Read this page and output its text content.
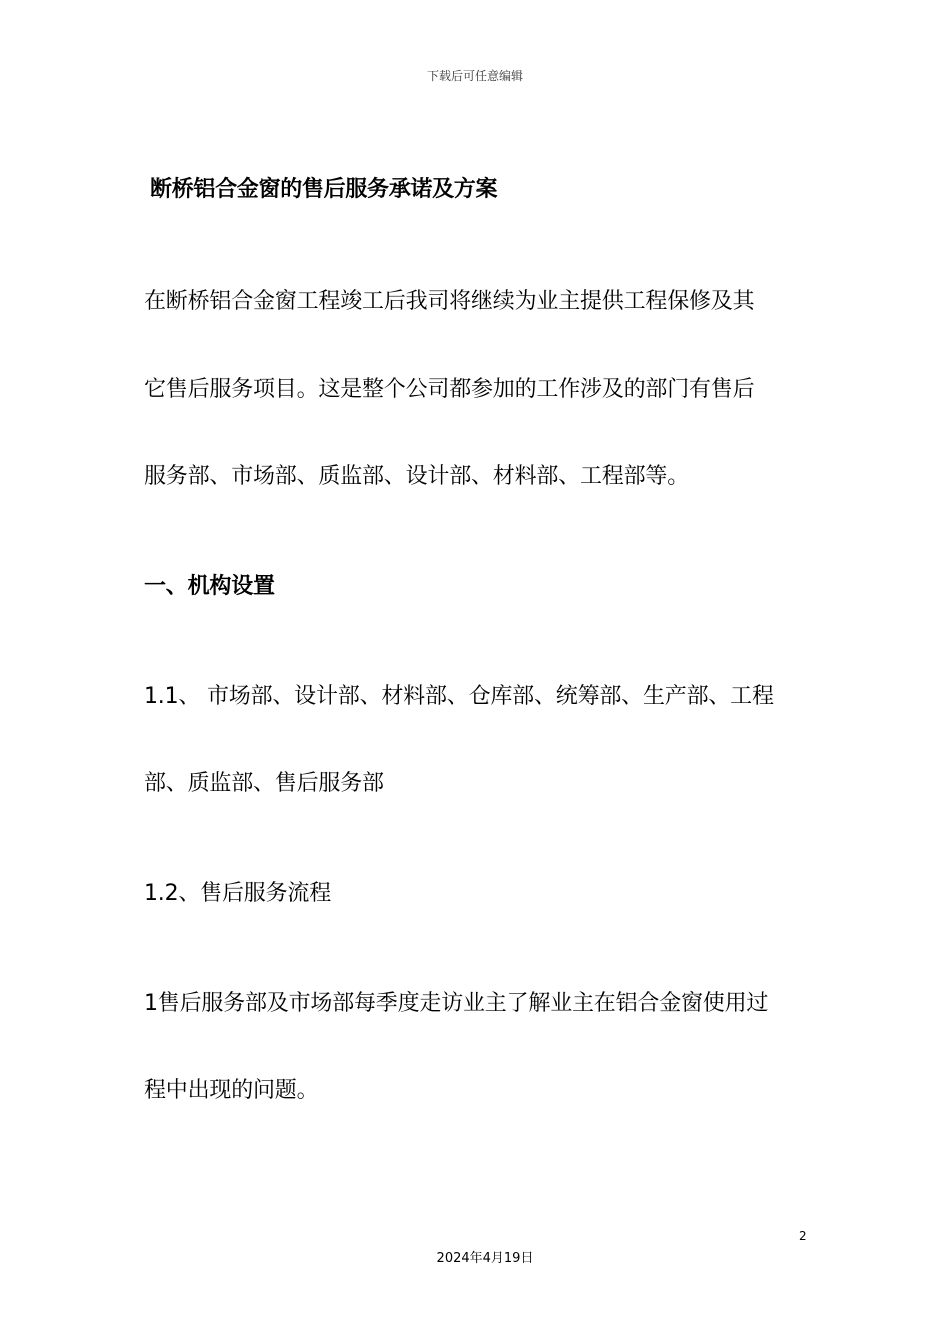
下载后可任意编辑
断桥铝合金窗的售后服务承诺及方案
在断桥铝合金窗工程竣工后我司将继续为业主提供工程保修及其
它售后服务项目。这是整个公司都参加的工作涉及的部门有售后
服务部、市场部、质监部、设计部、材料部、工程部等。
一、机构设置
1.1、 市场部、设计部、材料部、仓库部、统筹部、生产部、工程
部、质监部、售后服务部
1.2、售后服务流程
1售后服务部及市场部每季度走访业主了解业主在铝合金窗使用过
程中出现的问题。
2
2024年4月19日
